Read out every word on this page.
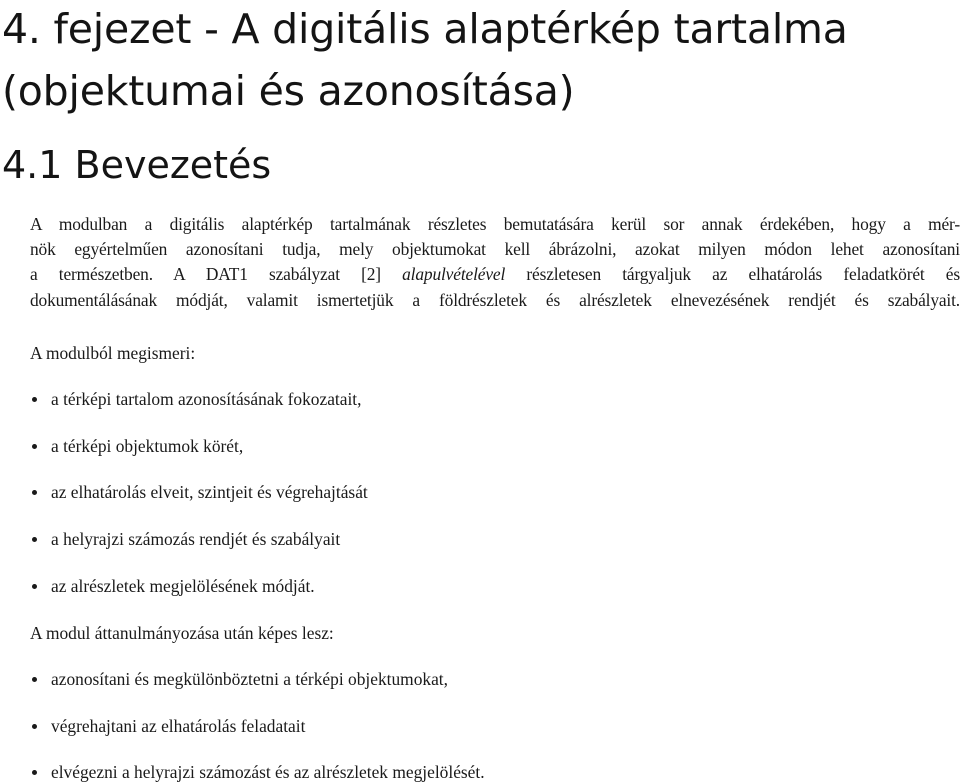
4. fejezet - A digitális alaptérkép tartalma
(objektumai és azonosítása)
4.1 Bevezetés

A modulban a digitális alaptérkép tartalmának részletes bemutatására kerül sor annak érdekében, hogy a mér-
nök egyértelműen azonosítani tudja, mely objektumokat kell ábrázolni, azokat milyen módon lehet azonosítani
a természetben. A DAT1 szabályzat [2] alapulvételével részletesen tárgyaljuk az elhatárolás feladatkörét és
dokumentálásának módját, valamit ismertetjük a földrészletek és alrészletek elnevezésének rendjét és szabályait.

A modulból megismeri:

a térképi tartalom azonosításának fokozatait,
a térképi objektumok körét,
az elhatárolás elveit, szintjeit és végrehajtását
a helyrajzi számozás rendjét és szabályait
az alrészletek megjelölésének módját.

A modul áttanulmányozása után képes lesz:

azonosítani és megkülönböztetni a térképi objektumokat,
végrehajtani az elhatárolás feladatait
elvégezni a helyrajzi számozást és az alrészletek megjelölését.
